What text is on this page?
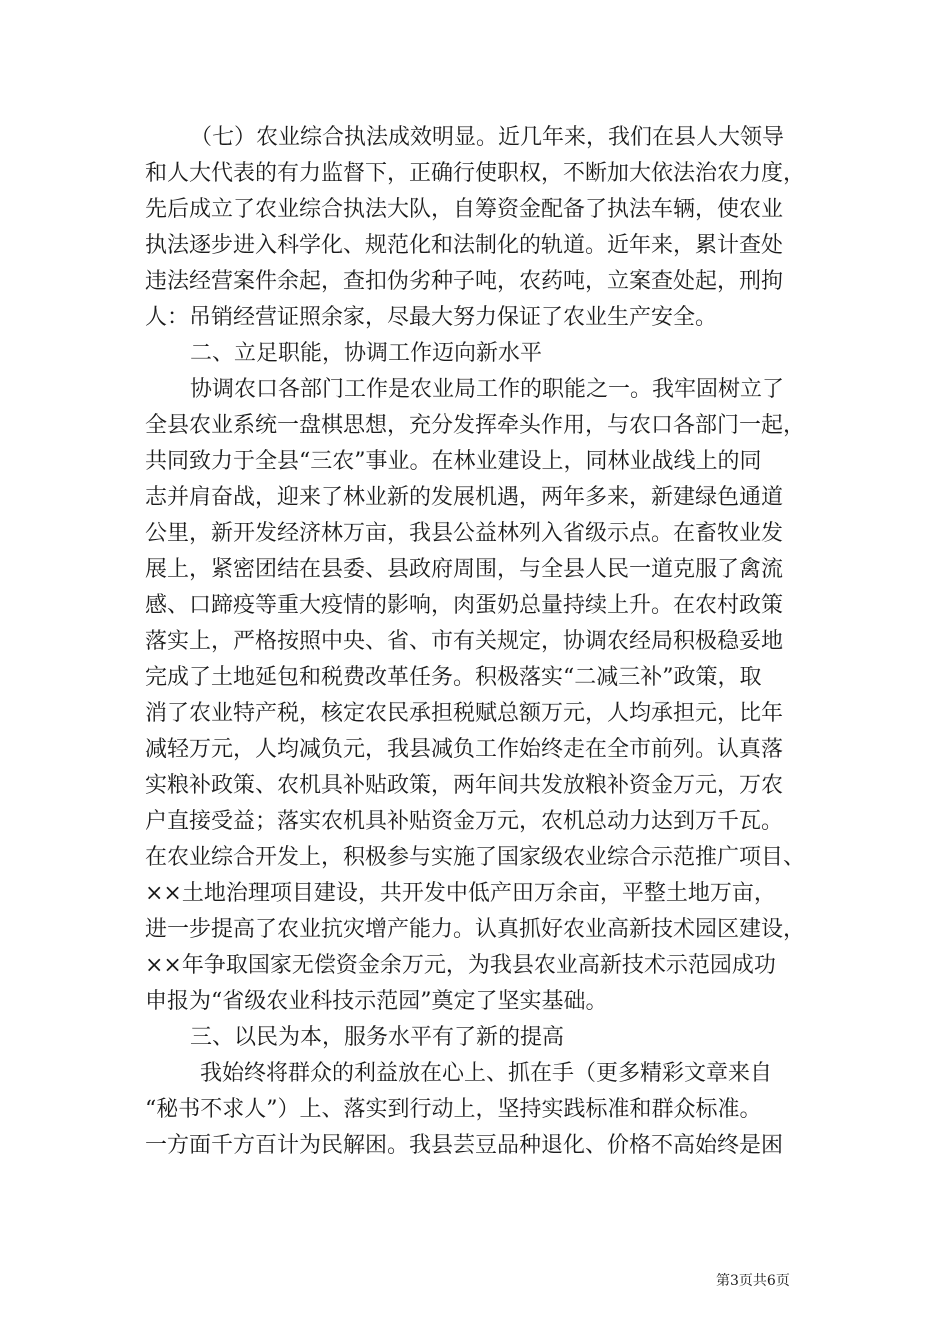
（七）农业综合执法成效明显。近几年来，我们在县人大领导
和人大代表的有力监督下，正确行使职权，不断加大依法治农力度，
先后成立了农业综合执法大队，自筹资金配备了执法车辆，使农业
执法逐步进入科学化、规范化和法制化的轨道。近年来，累计查处
违法经营案件余起，查扣伪劣种子吨，农药吨，立案查处起，刑拘
人：吊销经营证照余家，尽最大努力保证了农业生产安全。
二、立足职能，协调工作迈向新水平
协调农口各部门工作是农业局工作的职能之一。我牢固树立了
全县农业系统一盘棋思想，充分发挥牵头作用，与农口各部门一起，
共同致力于全县“三农”事业。在林业建设上，同林业战线上的同
志并肩奋战，迎来了林业新的发展机遇，两年多来，新建绿色通道
公里，新开发经济林万亩，我县公益林列入省级示点。在畜牧业发
展上，紧密团结在县委、县政府周围，与全县人民一道克服了禽流
感、口蹄疫等重大疫情的影响，肉蛋奶总量持续上升。在农村政策
落实上，严格按照中央、省、市有关规定，协调农经局积极稳妥地
完成了土地延包和税费改革任务。积极落实“二减三补”政策，取
消了农业特产税，核定农民承担税赋总额万元，人均承担元，比年
减轻万元，人均减负元，我县减负工作始终走在全市前列。认真落
实粮补政策、农机具补贴政策，两年间共发放粮补资金万元，万农
户直接受益；落实农机具补贴资金万元，农机总动力达到万千瓦。
在农业综合开发上，积极参与实施了国家级农业综合示范推广项目、
××土地治理项目建设，共开发中低产田万余亩，平整土地万亩，
进一步提高了农业抗灾增产能力。认真抓好农业高新技术园区建设，
××年争取国家无偿资金余万元，为我县农业高新技术示范园成功
申报为“省级农业科技示范园”奠定了坚实基础。
三、以民为本，服务水平有了新的提高
我始终将群众的利益放在心上、抓在手（更多精彩文章来自
“秘书不求人”）上、落实到行动上，坚持实践标准和群众标准。
一方面千方百计为民解困。我县芸豆品种退化、价格不高始终是困
第3页共6页
